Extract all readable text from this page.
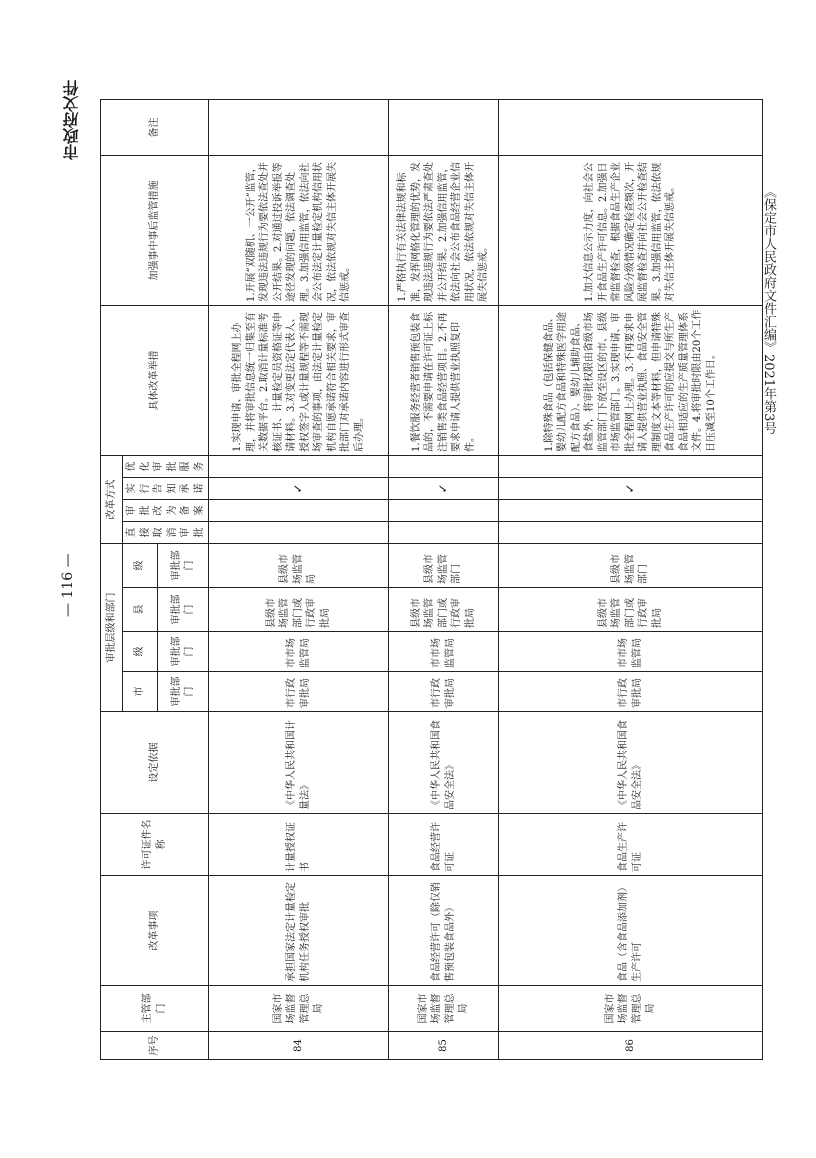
市政府文件
— 116 —
《保定市人民政府文件汇编》2021年第3号
序号	主管部门	改革事项	许可证件名称	设定依据	审批层级和部门				改革方式				具体改革举措	加强事中事后监管措施	备注
					市	级	县	级	直接取消审批	审批改为备案	实行告知承诺	优化审批服务			
					审批部门	审批部门	审批部门	审批部门							
84	国家市场监督管理总局	承担国家法定计量检定机构任务授权审批	计量授权证书	《中华人民共和国计量法》	市行政审批局	市市场监管局	县级市场监管部门或行政审批局	县级市场监管局			✓		1.实现申请、审批全程网上办理，并将审批信息统一归集至有关数据平台。2.取消计量标准考核证书、计量检定员资格证等申请材料。3.对变更法定代表人、授权签字人或计量规程等不需现场审查的事项，由法定计量检定机构自愿承诺符合相关要求，审批部门对承诺内容进行形式审查后办理。	1.开展“双随机、一公开”监管，发现违法违规行为要依法查处并公开结果。2.对通过投诉举报等途径发现的问题，依法调查处理。3.加强信用监管，依法向社会公布法定计量检定机构信用状况，依法依规对失信主体开展失信惩戒。	
85	国家市场监督管理总局	食品经营许可（除仅销售预包装食品外）	食品经营许可证	《中华人民共和国食品安全法》	市行政审批局	市市场监管局	县级市场监管部门或行政审批局	县级市场监管部门			✓		1.餐饮服务经营者销售预包装食品的，不需要申请在许可证上标注销售类食品经营项目。2.不再要求申请人提供营业执照复印件。	1.严格执行有关法律法规和标准，发挥网格化管理的优势，发现违法违规行为要依法严肃查处并公开结果。2.加强信用监管，依法向社会公布食品经营企业信用状况，依法依规对失信主体开展失信惩戒。	
86	国家市场监督管理总局	食品（含食品添加剂）生产许可	食品生产许可证	《中华人民共和国食品安全法》	市行政审批局	市市场监管局	县级市场监管部门或行政审批局	县级市场监管部门			✓		1.除特殊食品（包括保健食品、婴幼儿配方食品和特殊医学用途配方食品）、婴幼儿辅助食品、食盐外，将审批权限由省级市场监管部门下放至设区的市、县级市场监管部门。3.实现申请、审批全程网上办理。3.不再要求申请人提供营业执照、食品安全管理制度文本等材料，但申请特殊食品生产许可的应提交与所生产食品相适应的生产质量管理体系文件。4.将审批时限由20个工作日压减至10个工作日。	1.加大信息公示力度，向社会公开食品生产许可信息。2.加强日常监督检查，根据食品生产企业风险分级情况确定检查频次，开展监督检查并向社会公开检查结果。3.加强信用监管，依法依规对失信主体开展失信惩戒。	
